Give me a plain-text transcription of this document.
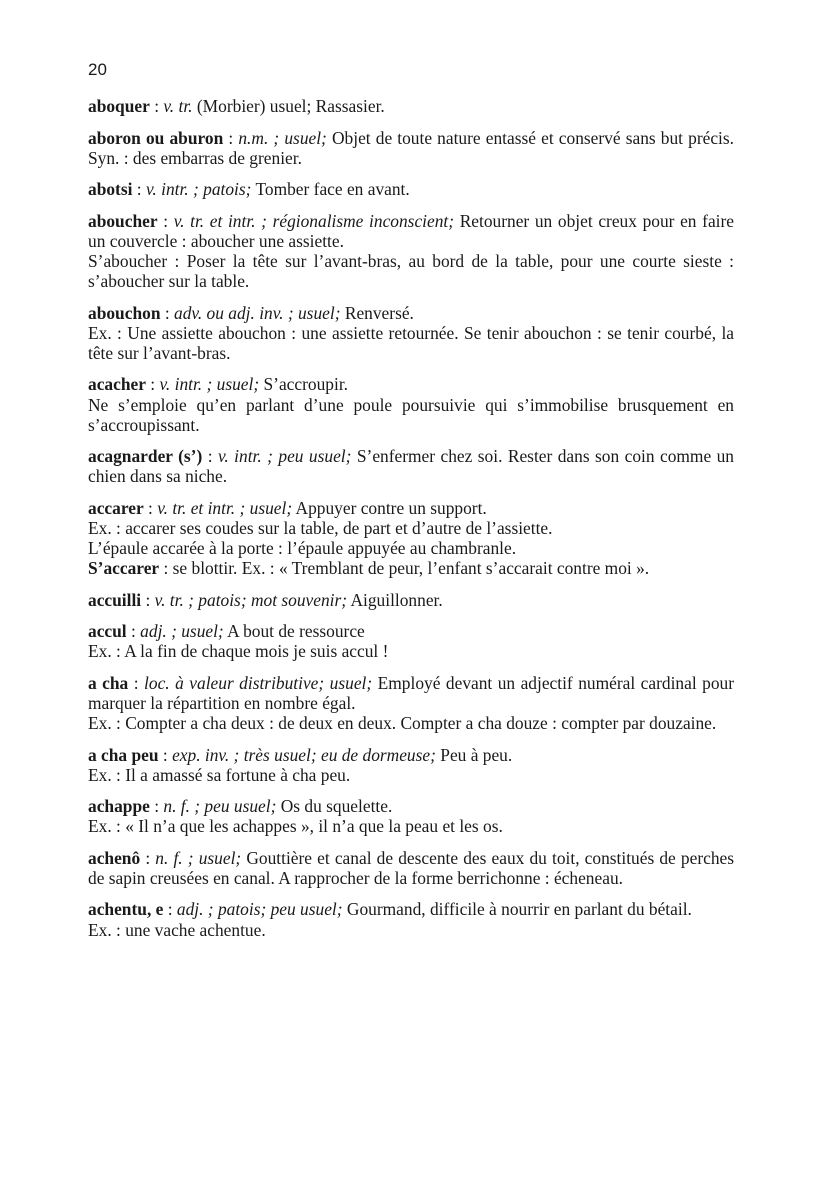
20

aboquer : v. tr. (Morbier) usuel; Rassasier.

aboron ou aburon : n.m. ; usuel; Objet de toute nature entassé et conservé sans but précis. Syn. : des embarras de grenier.

abotsi : v. intr. ; patois; Tomber face en avant.

aboucher : v. tr. et intr. ; régionalisme inconscient; Retourner un objet creux pour en faire un couvercle : aboucher une assiette.

S’aboucher : Poser la tête sur l’avant-bras, au bord de la table, pour une courte sieste : s’aboucher sur la table.

abouchon : adv. ou adj. inv. ; usuel; Renversé.

Ex. : Une assiette abouchon : une assiette retournée. Se tenir abouchon : se tenir courbé, la tête sur l’avant-bras.

acacher : v. intr. ; usuel; S’accroupir.

Ne s’emploie qu’en parlant d’une poule poursuivie qui s’immobilise brusquement en s’accroupissant.

acagnarder (s’) : v. intr. ; peu usuel; S’enfermer chez soi. Rester dans son coin comme un chien dans sa niche.

accarer : v. tr. et intr. ; usuel; Appuyer contre un support.

Ex. : accarer ses coudes sur la table, de part et d’autre de l’assiette.

L’épaule accarée à la porte : l’épaule appuyée au chambranle.

S’accarer : se blottir. Ex. : « Tremblant de peur, l’enfant s’accarait contre moi ».

accuilli : v. tr. ; patois; mot souvenir; Aiguillonner.

accul : adj. ; usuel; A bout de ressource

Ex. : A la fin de chaque mois je suis accul !

a cha : loc. à valeur distributive; usuel; Employé devant un adjectif numéral cardinal pour marquer la répartition en nombre égal.

Ex. : Compter a cha deux : de deux en deux. Compter a cha douze : compter par douzaine.

a cha peu : exp. inv. ; très usuel; eu de dormeuse; Peu à peu.

Ex. : Il a amassé sa fortune à cha peu.

achappe : n. f. ; peu usuel; Os du squelette.

Ex. : « Il n’a que les achappes », il n’a que la peau et les os.

achenô : n. f. ; usuel; Gouttière et canal de descente des eaux du toit, constitués de perches de sapin creusées en canal. A rapprocher de la forme berrichonne : écheneau.

achentu, e : adj. ; patois; peu usuel; Gourmand, difficile à nourrir en parlant du bétail.

Ex. : une vache achentue.
